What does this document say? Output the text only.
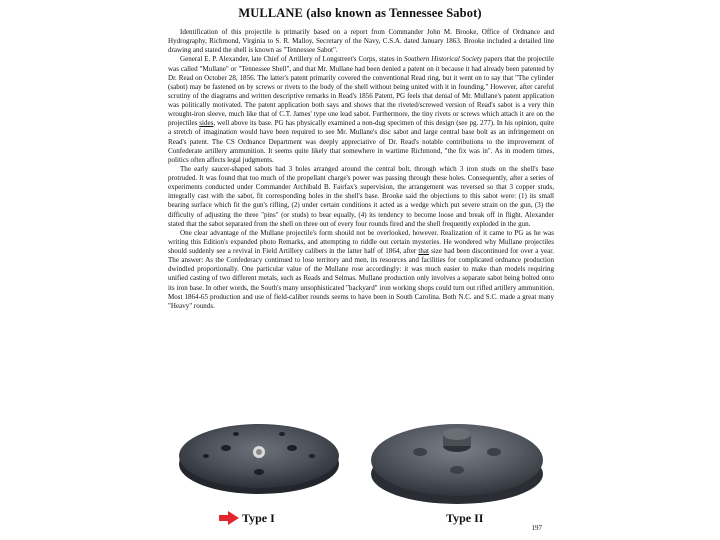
MULLANE (also known as Tennessee Sabot)

Identification of this projectile is primarily based on a report from Commander John M. Brooke, Office of Ordnance and Hydrography, Richmond, Virginia to S. R. Malloy, Secretary of the Navy, C.S.A. dated January 1863. Brooke included a detailed line drawing and stated the shell is known as "Tennessee Sabot".

General E. P. Alexander, late Chief of Artillery of Longstreet's Corps, states in Southern Historical Society papers that the projectile was called "Mullane" or "Tennessee Shell", and that Mr. Mullane had been denied a patent on it because it had already been patented by Dr. Read on October 28, 1856. The latter's patent primarily covered the conventional Read ring, but it went on to say that "The cylinder (sabot) may be fastened on by screws or rivets to the body of the shell without being united with it in founding." However, after careful scrutiny of the diagrams and written descriptive remarks in Read's 1856 Patent, PG feels that denial of Mr. Mullane's patent application was politically motivated. The patent application both says and shows that the riveted/screwed version of Read's sabot is a very thin wrought-iron sleeve, much like that of C.T. James' type one lead sabot. Furthermore, the tiny rivets or screws which attach it are on the projectiles sides, well above its base. PG has physically examined a non-dug specimen of this design (see pg. 277). In his opinion, quite a stretch of imagination would have been required to see Mr. Mullane's disc sabot and large central base bolt as an infringement on Read's patent. The CS Ordnance Department was deeply appreciative of Dr. Read's notable contributions to the improvement of Confederate artillery ammunition. It seems quite likely that somewhere in wartime Richmond, "the fix was in". As in modern times, politics often affects legal judgments.

The early saucer-shaped sabots had 3 holes arranged around the central bolt, through which 3 iron studs on the shell's base protruded. It was found that too much of the propellant charge's power was passing through these holes. Consequently, after a series of experiments conducted under Commander Archibald B. Fairfax's supervision, the arrangement was reversed so that 3 copper studs, integrally cast with the sabot, fit corresponding holes in the shell's base. Brooke said the objections to this sabot were: (1) its small bearing surface which fit the gun's rifling, (2) under certain conditions it acted as a wedge which put severe strain on the gun, (3) the difficulty of adjusting the three "pins" (or studs) to bear equally, (4) its tendency to become loose and break off in flight. Alexander stated that the sabot separated from the shell on three out of every four rounds fired and the shell frequently exploded in the gun.

One clear advantage of the Mullane projectile's form should not be overlooked, however. Realization of it came to PG as he was writing this Edition's expanded photo Remarks, and attempting to riddle out certain mysteries. He wondered why Mullane projectiles should suddenly see a revival in Field Artillery calibers in the latter half of 1864, after that size had been discontinued for over a year. The answer: As the Confederacy continued to lose territory and men, its resources and facilities for complicated ordnance production dwindled proportionally. One particular value of the Mullane rose accordingly: it was much easier to make than models requiring unified casting of two different metals, such as Reads and Selmas. Mullane production only involves a separate sabot being bolted onto its iron base. In other words, the South's many unsophisticated "backyard" iron working shops could turn out rifled artillery ammunition. Most 1864-65 production and use of field-caliber rounds seems to have been in South Carolina. Both N.C. and S.C. made a great many "Heavy" rounds.

Type I	Type II
197
